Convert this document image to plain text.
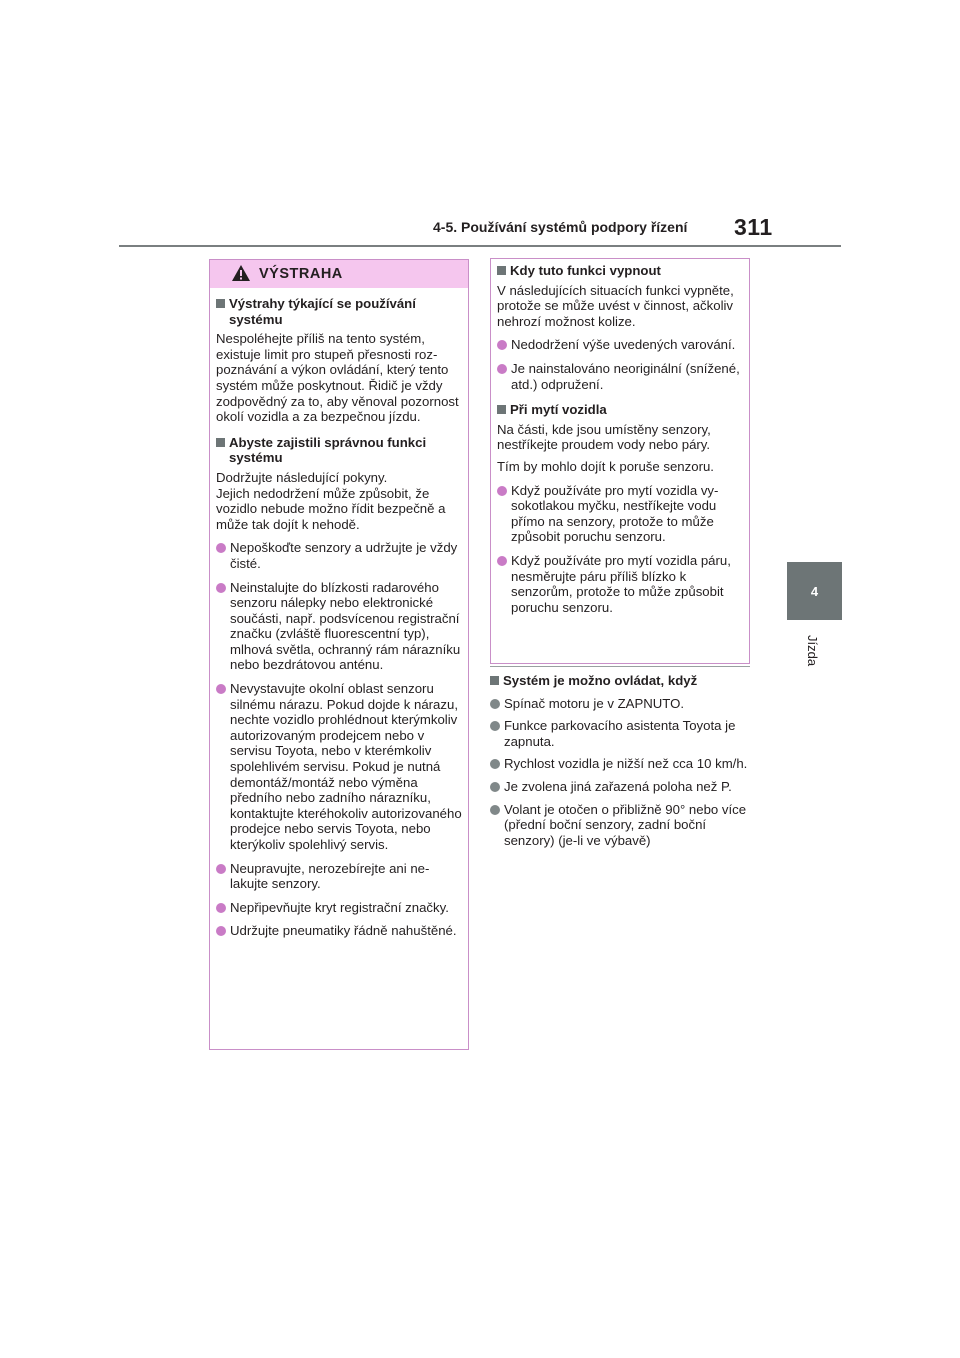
4-5. Používání systémů podpory řízení 311
4
Jízda
VÝSTRAHA
Výstrahy týkající se používání systému
Nespoléhejte příliš na tento systém, existuje limit pro stupeň přesnosti rozpoznávání a výkon ovládání, který tento systém může poskytnout. Řidič je vždy zodpovědný za to, aby věnoval pozornost okolí vozidla a za bezpečnou jízdu.
Abyste zajistili správnou funkci systému
Dodržujte následující pokyny.
Jejich nedodržení může způsobit, že vozidlo nebude možno řídit bezpečně a může tak dojít k nehodě.
Nepoškoďte senzory a udržujte je vždy čisté.
Neinstalujte do blízkosti radarového senzoru nálepky nebo elektronické součásti, např. podsvícenou registrační značku (zvláště fluorescentní typ), mlhová světla, ochranný rám nárazníku nebo bezdrátovou anténu.
Nevystavujte okolní oblast senzoru silnému nárazu. Pokud dojde k nárazu, nechte vozidlo prohlédnout kterýmkoliv autorizovaným prodejcem nebo v servisu Toyota, nebo v kterémkoliv spolehlivém servisu. Pokud je nutná demontáž/montáž nebo výměna předního nebo zadního nárazníku, kontaktujte kteréhokoliv autorizovaného prodejce nebo servis Toyota, nebo kterýkoliv spolehlivý servis.
Neupravujte, nerozebírejte ani nelakujte senzory.
Nepřipevňujte kryt registrační značky.
Udržujte pneumatiky řádně nahuštěné.
Kdy tuto funkci vypnout
V následujících situacích funkci vypněte, protože se může uvést v činnost, ačkoliv nehrozí možnost kolize.
Nedodržení výše uvedených varování.
Je nainstalováno neoriginální (snížené, atd.) odpružení.
Při mytí vozidla
Na části, kde jsou umístěny senzory, nestříkejte proudem vody nebo páry.
Tím by mohlo dojít k poruše senzoru.
Když používáte pro mytí vozidla vysokotlakou myčku, nestříkejte vodu přímo na senzory, protože to může způsobit poruchu senzoru.
Když používáte pro mytí vozidla páru, nesměrujte páru příliš blízko k senzorům, protože to může způsobit poruchu senzoru.
Systém je možno ovládat, když
Spínač motoru je v ZAPNUTO.
Funkce parkovacího asistenta Toyota je zapnuta.
Rychlost vozidla je nižší než cca 10 km/h.
Je zvolena jiná zařazená poloha než P.
Volant je otočen o přibližně 90° nebo více (přední boční senzory, zadní boční senzory) (je-li ve výbavě)
